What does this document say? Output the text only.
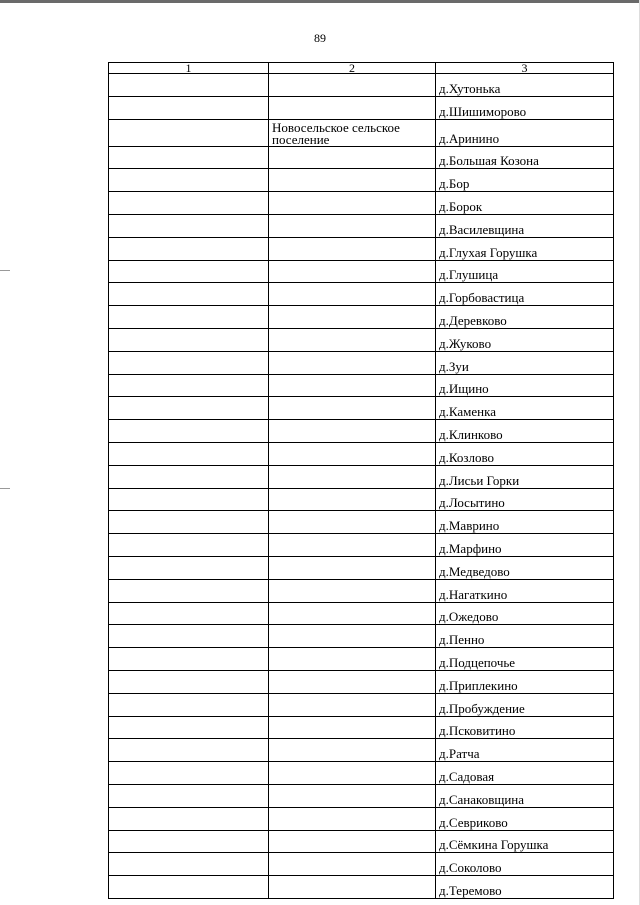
89
1	2	3
		д.Хутонька
		д.Шишиморово
	Новосельское сельское поселение	д.Аринино
		д.Большая Козона
		д.Бор
		д.Борок
		д.Василевщина
		д.Глухая Горушка
		д.Глушица
		д.Горбовастица
		д.Деревково
		д.Жуково
		д.Зуи
		д.Ищино
		д.Каменка
		д.Клинково
		д.Козлово
		д.Лисьи Горки
		д.Лосытино
		д.Маврино
		д.Марфино
		д.Медведово
		д.Нагаткино
		д.Ожедово
		д.Пенно
		д.Подцепочье
		д.Приплекино
		д.Пробуждение
		д.Псковитино
		д.Ратча
		д.Садовая
		д.Санаковщина
		д.Севриково
		д.Сёмкина Горушка
		д.Соколово
		д.Теремово
